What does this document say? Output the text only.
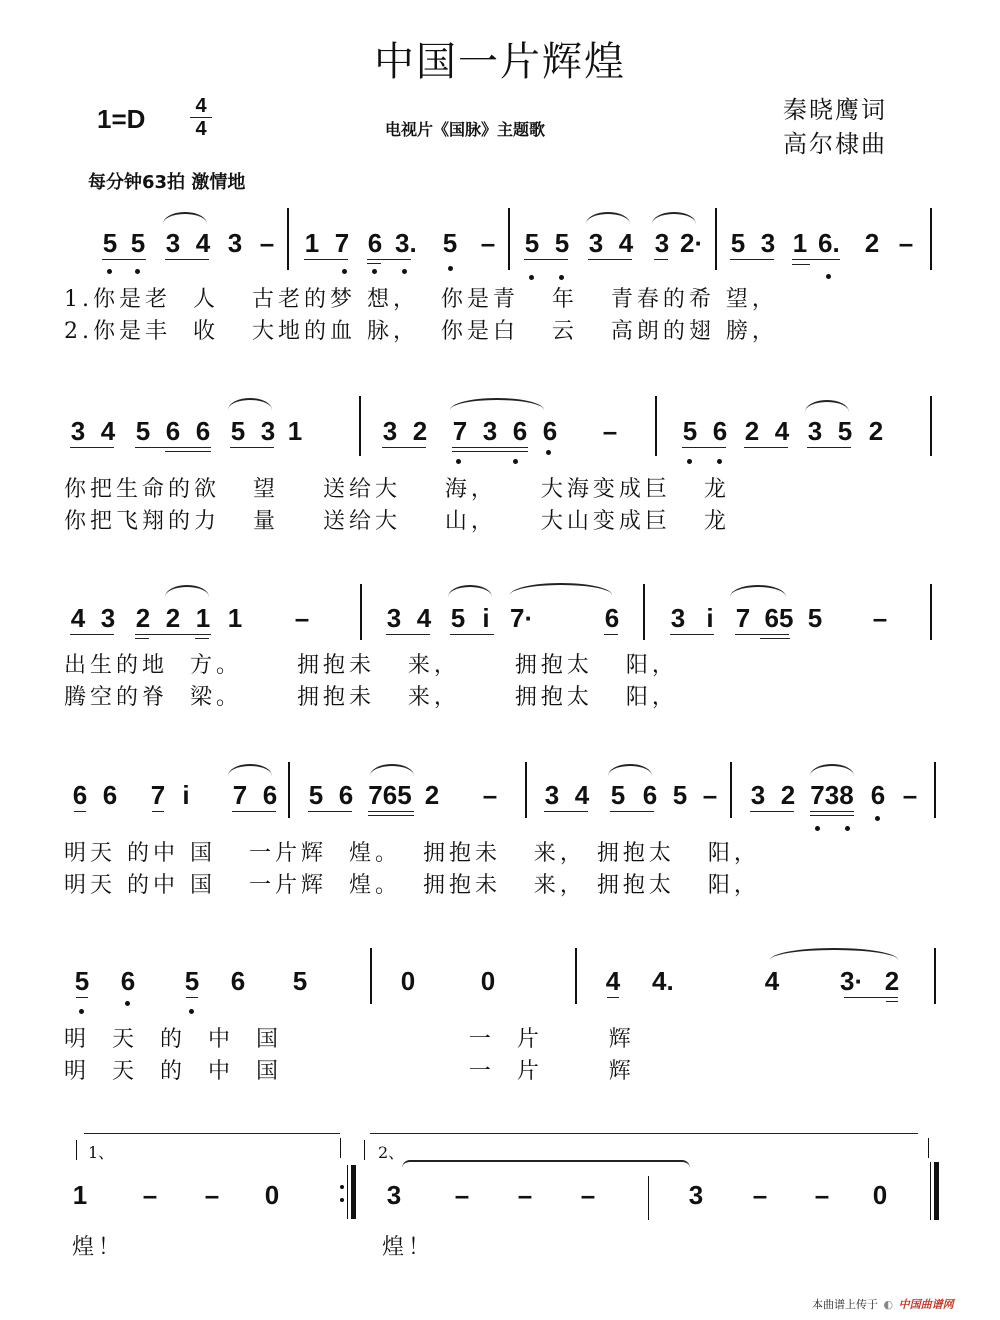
中国一片辉煌
1=D	4
4	电视片《国脉》主题歌
秦晓鹰词
高尔棣曲
每分钟63拍 激情地
5 5 3 4 3 – 1 7 6 3. 5 – 5 5 3 4 3 2· 5 3 1 6. 2 –
1.你是老  人   古老的梦 想，  你是青   年   青春的希 望，
2.你是丰  收   大地的血 脉，  你是白   云   高朗的翅 膀，
3 4 5 6 6 5 3 1	3 2 7 3 6 6 –	5 6 2 4 3 5 2
你把生命的欲   望    送给大    海，    大海变成巨   龙
你把飞翔的力   量    送给大    山，    大山变成巨   龙
4 3 2 2 1 1 –	3 4 5 i 7·	6 3 i 7 65 5 –
出生的地  方。     拥抱未   来，     拥抱太   阳，
腾空的脊  梁。     拥抱未   来，     拥抱太   阳，
6 6 7 i 7 6 5 6 765 2 – 3 4 5 6 5 – 3 2 738 6 –
明天 的中 国   一片辉  煌。  拥抱未   来， 拥抱太   阳，
明天 的中 国   一片辉  煌。  拥抱未   来， 拥抱太   阳，
5 6 5 6 5	0	0	4 4.	4 3· 2
明  天  的  中  国                 一  片      辉
明  天  的  中  国                 一  片      辉
1、	2、
1 – – 0	3 – – –	3 – – 0
煌！	煌！
本曲谱上传于 ◐ 中国曲谱网
